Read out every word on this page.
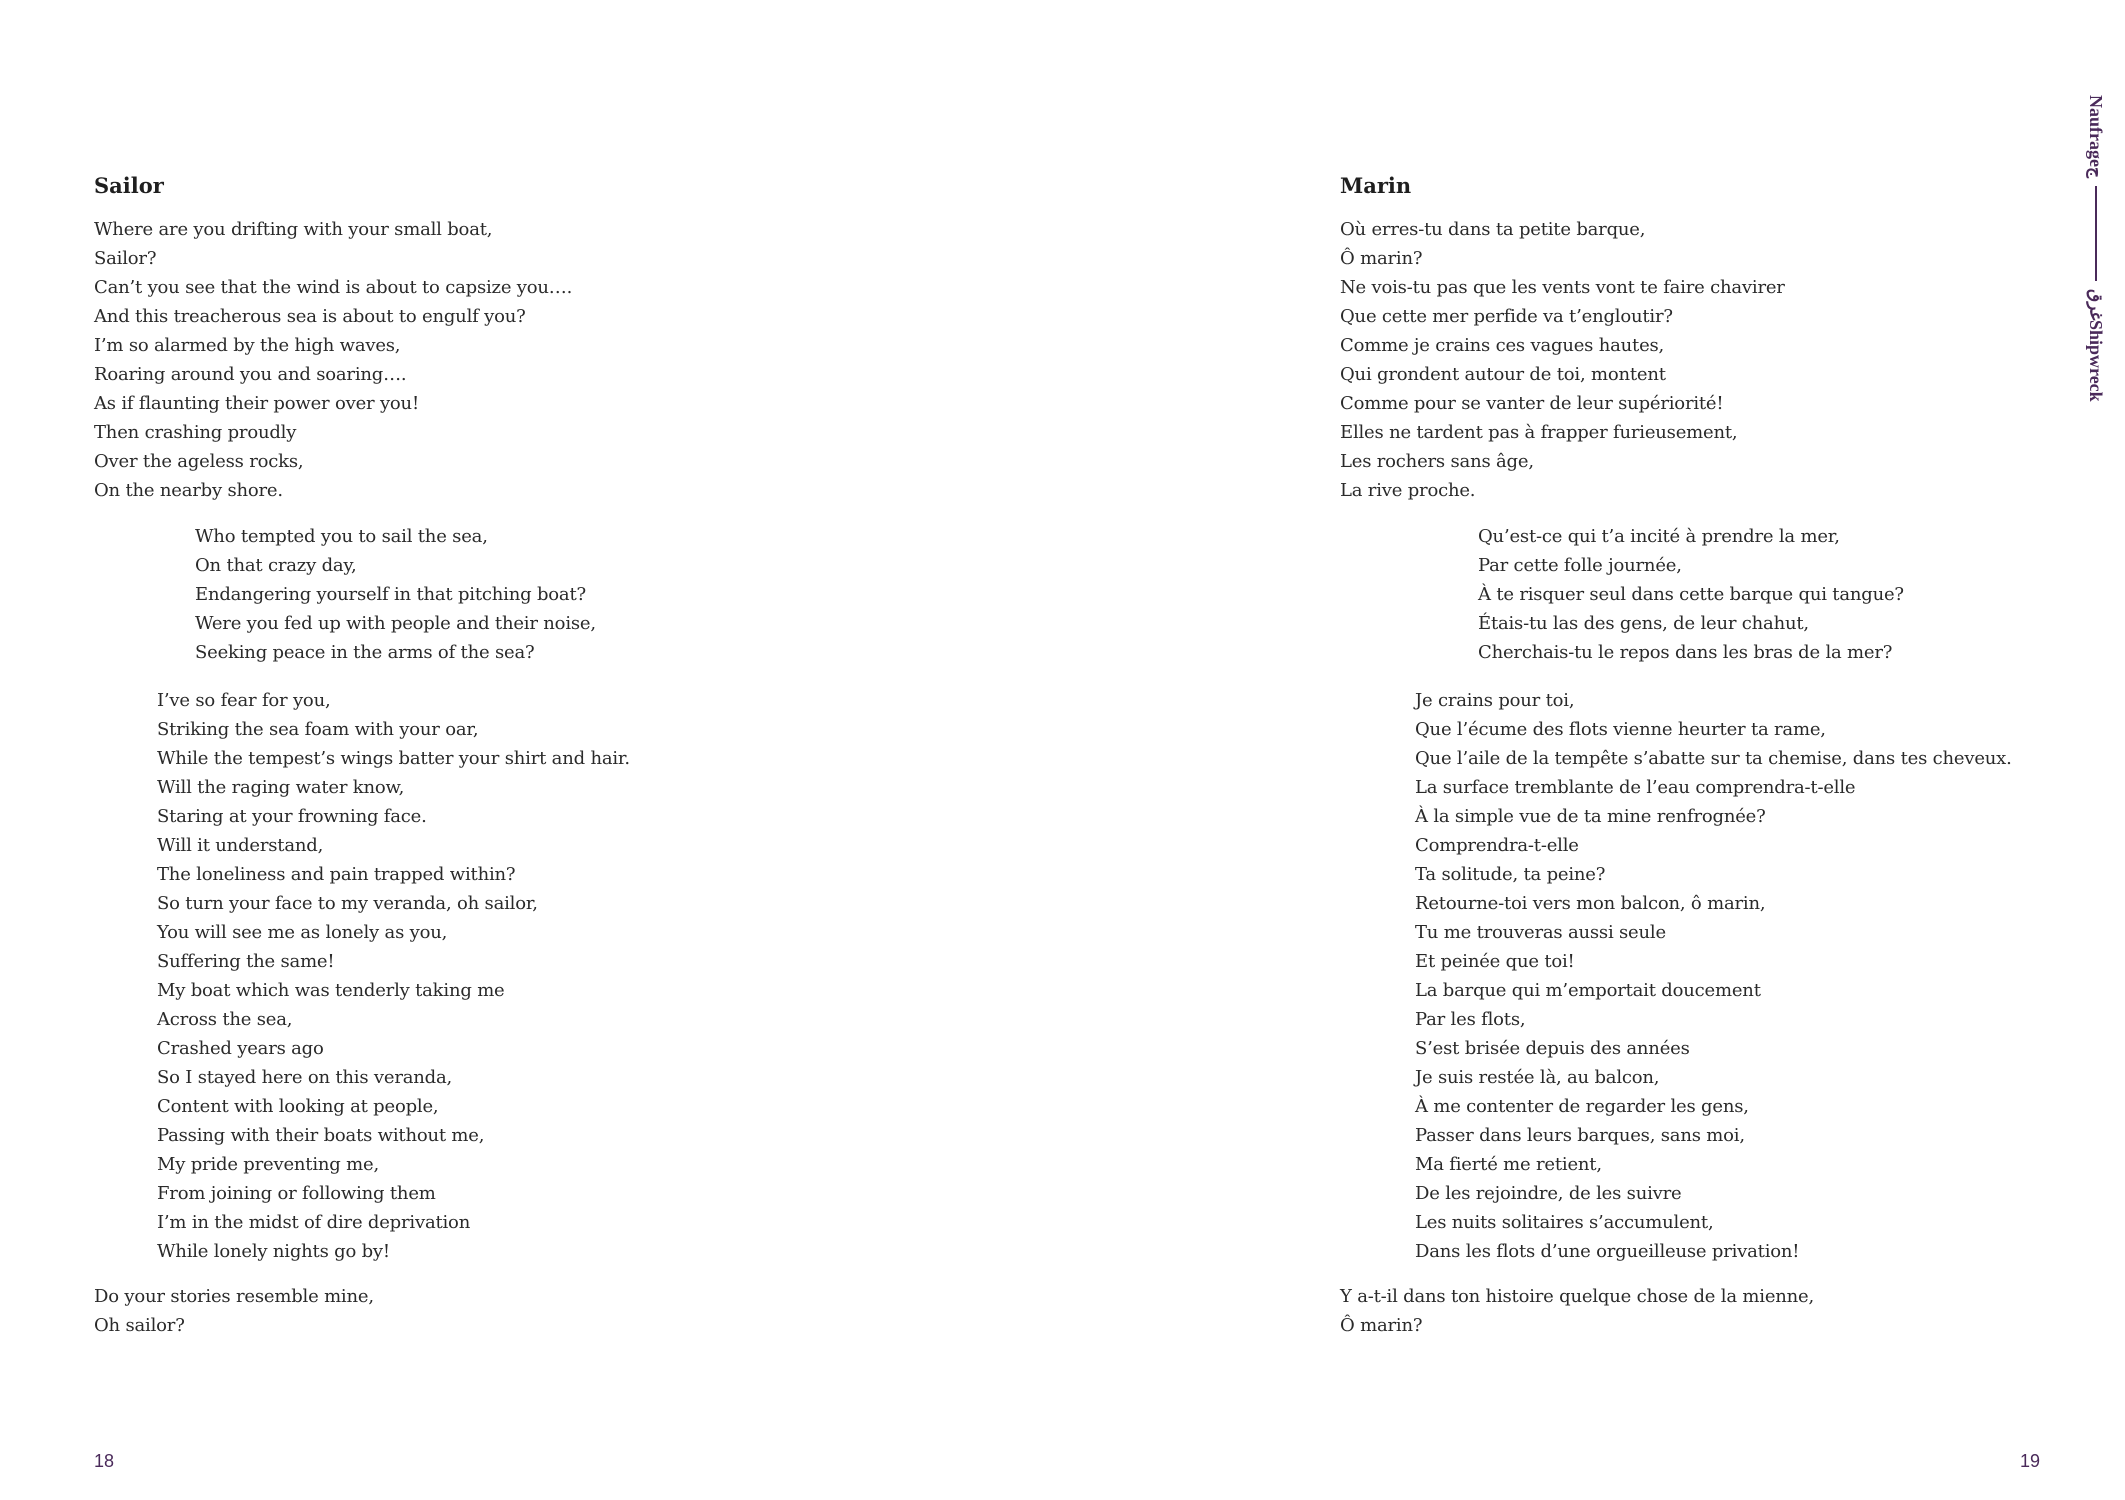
Sailor
Where are you drifting with your small boat,
Sailor?
Can’t you see that the wind is about to capsize you….
And this treacherous sea is about to engulf you?
I’m so alarmed by the high waves,
Roaring around you and soaring….
As if flaunting their power over you!
Then crashing proudly
Over the ageless rocks,
On the nearby shore.
Who tempted you to sail the sea,
On that crazy day,
Endangering yourself in that pitching boat?
Were you fed up with people and their noise,
Seeking peace in the arms of the sea?
I’ve so fear for you,
Striking the sea foam with your oar,
While the tempest’s wings batter your shirt and hair.
Will the raging water know,
Staring at your frowning face.
Will it understand,
The loneliness and pain trapped within?
So turn your face to my veranda, oh sailor,
You will see me as lonely as you,
Suffering the same!
My boat which was tenderly taking me
Across the sea,
Crashed years ago
So I stayed here on this veranda,
Content with looking at people,
Passing with their boats without me,
My pride preventing me,
From joining or following them
I’m in the midst of dire deprivation
While lonely nights go by!
Do your stories resemble mine,
Oh sailor?
18
Marin
Où erres-tu dans ta petite barque,
Ô marin?
Ne vois-tu pas que les vents vont te faire chavirer
Que cette mer perfide va t’engloutir?
Comme je crains ces vagues hautes,
Qui grondent autour de toi, montent
Comme pour se vanter de leur supériorité!
Elles ne tardent pas à frapper furieusement,
Les rochers sans âge,
La rive proche.
Qu’est-ce qui t’a incité à prendre la mer,
Par cette folle journée,
À te risquer seul dans cette barque qui tangue?
Étais-tu las des gens, de leur chahut,
Cherchais-tu le repos dans les bras de la mer?
Je crains pour toi,
Que l’écume des flots vienne heurter ta rame,
Que l’aile de la tempête s’abatte sur ta chemise, dans tes cheveux.
La surface tremblante de l’eau comprendra-t-elle
À la simple vue de ta mine renfrognée?
Comprendra-t-elle
Ta solitude, ta peine?
Retourne-toi vers mon balcon, ô marin,
Tu me trouveras aussi seule
Et peinée que toi!
La barque qui m’emportait doucement
Par les flots,
S’est brisée depuis des années
Je suis restée là, au balcon,
À me contenter de regarder les gens,
Passer dans leurs barques, sans moi,
Ma fierté me retient,
De les rejoindre, de les suivre
Les nuits solitaires s’accumulent,
Dans les flots d’une orgueilleuse privation!
Y a-t-il dans ton histoire quelque chose de la mienne,
Ô marin?
19
Naufrage
ج
غرق
Shipwreck
